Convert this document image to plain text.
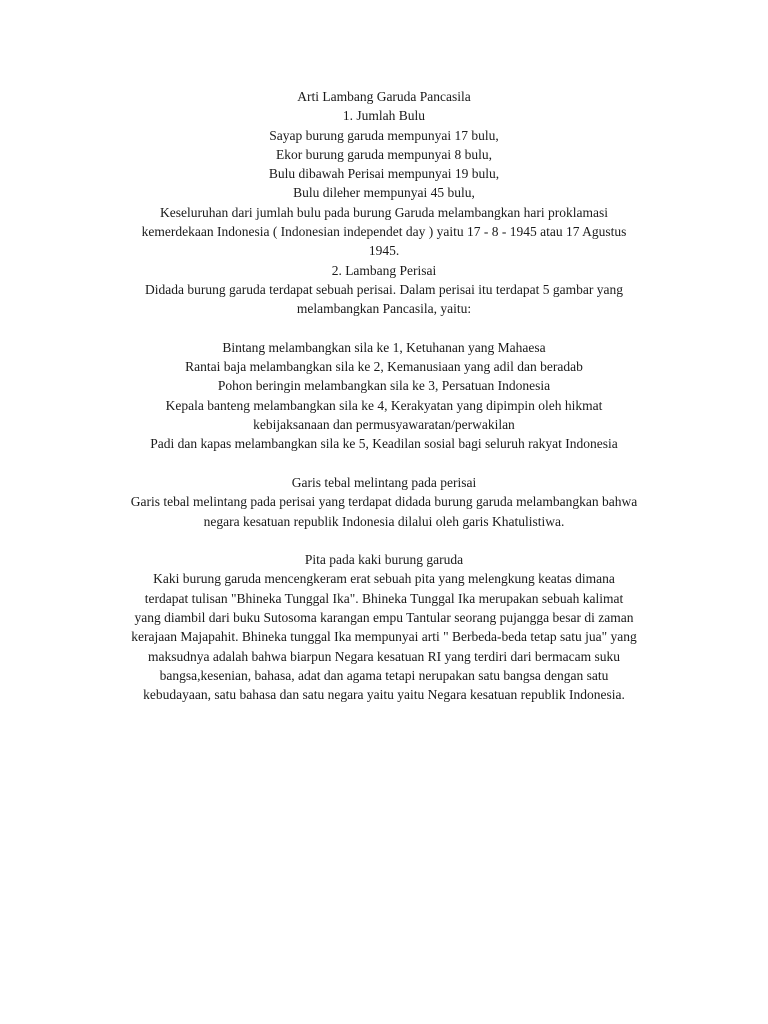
Arti Lambang Garuda Pancasila
1. Jumlah Bulu
Sayap burung garuda mempunyai 17 bulu,
Ekor burung garuda mempunyai 8 bulu,
Bulu dibawah Perisai mempunyai 19 bulu,
Bulu dileher mempunyai 45 bulu,
Keseluruhan dari jumlah bulu pada burung Garuda melambangkan hari proklamasi
kemerdekaan Indonesia ( Indonesian independet day ) yaitu 17 - 8 - 1945 atau 17 Agustus
1945.
2. Lambang Perisai
Didada burung garuda terdapat sebuah perisai. Dalam perisai itu terdapat 5 gambar yang
melambangkan Pancasila, yaitu:
Bintang melambangkan sila ke 1, Ketuhanan yang Mahaesa
Rantai baja melambangkan sila ke 2, Kemanusiaan yang adil dan beradab
Pohon beringin melambangkan sila ke 3, Persatuan Indonesia
Kepala banteng melambangkan sila ke 4, Kerakyatan yang dipimpin oleh hikmat
kebijaksanaan dan permusyawaratan/perwakilan
Padi dan kapas melambangkan sila ke 5, Keadilan sosial bagi seluruh rakyat Indonesia
Garis tebal melintang pada perisai
Garis tebal melintang pada perisai yang terdapat didada burung garuda melambangkan bahwa
negara kesatuan republik Indonesia dilalui oleh garis Khatulistiwa.
Pita pada kaki burung garuda
Kaki burung garuda mencengkeram erat sebuah pita yang melengkung keatas dimana
terdapat tulisan "Bhineka Tunggal Ika". Bhineka Tunggal Ika merupakan sebuah kalimat
yang diambil dari buku Sutosoma karangan empu Tantular seorang pujangga besar di zaman
kerajaan Majapahit. Bhineka tunggal Ika mempunyai arti " Berbeda-beda tetap satu jua" yang
maksudnya adalah bahwa biarpun Negara kesatuan RI yang terdiri dari bermacam suku
bangsa,kesenian, bahasa, adat dan agama tetapi nerupakan satu bangsa dengan satu
kebudayaan, satu bahasa dan satu negara yaitu yaitu Negara kesatuan republik Indonesia.
